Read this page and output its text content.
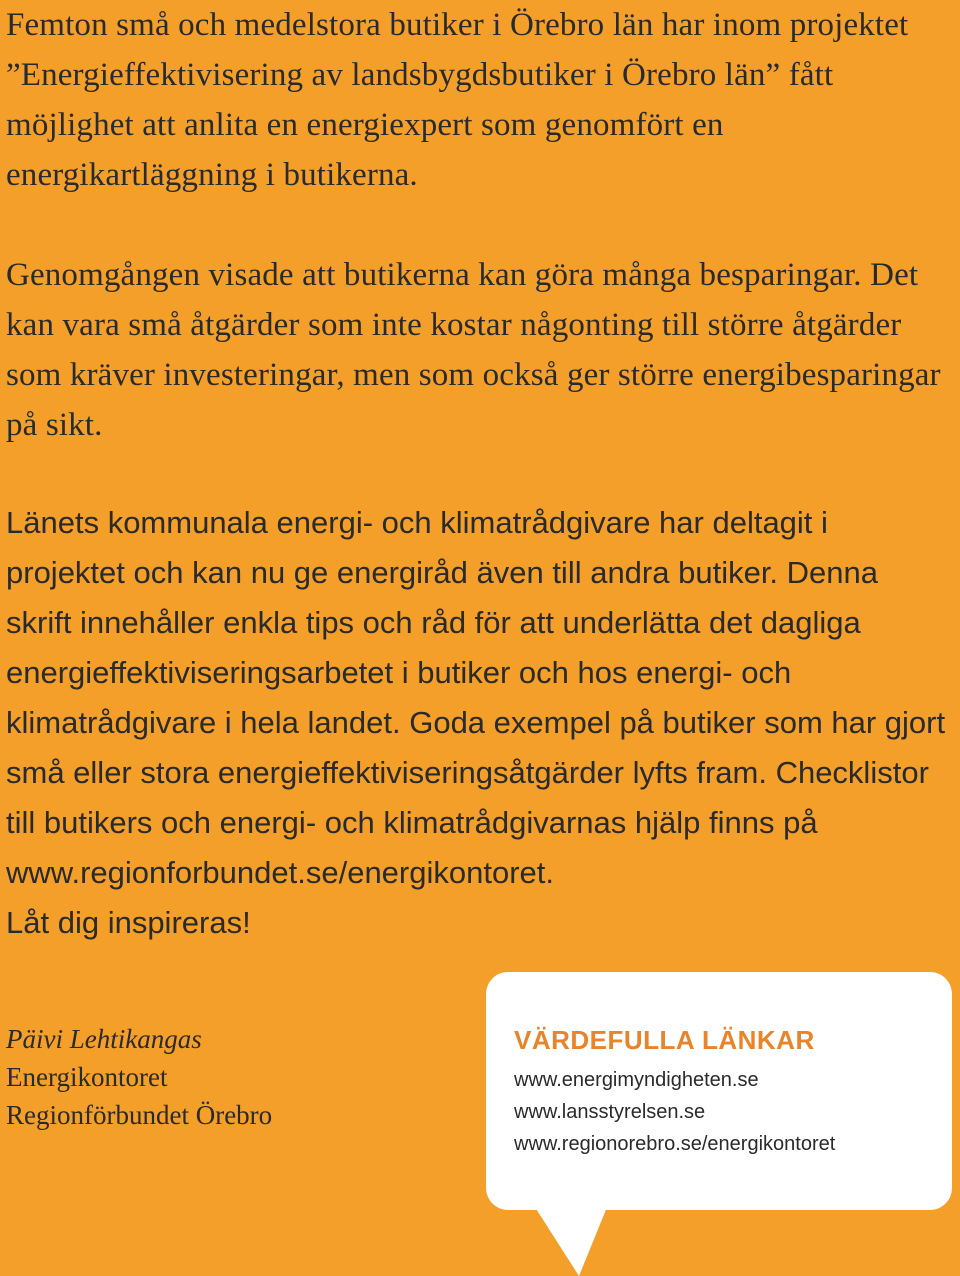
Femton små och medelstora butiker i Örebro län har inom projektet ”Energieffektivisering av landsbygdsbutiker i Örebro län” fått möjlighet att anlita en energiexpert som genomfört en energikartläggning i butikerna.

Genomgången visade att butikerna kan göra många besparingar. Det kan vara små åtgärder som inte kostar någonting till större åtgärder som kräver investeringar, men som också ger större energibesparingar på sikt.

Länets kommunala energi- och klimatrådgivare har deltagit i projektet och kan nu ge energiråd även till andra butiker. Denna skrift innehåller enkla tips och råd för att underlätta det dagliga energieffektiviseringsarbetet i butiker och hos energi- och klimatrådgivare i hela landet. Goda exempel på butiker som har gjort små eller stora energieffektiviseringsåtgärder lyfts fram. Checklistor till butikers och energi- och klimatrådgivarnas hjälp finns på www.regionforbundet.se/energikontoret.

Låt dig inspireras!

Päivi Lehtikangas
Energikontoret
Regionförbundet Örebro
VÄRDEFULLA LÄNKAR
www.energimyndigheten.se
www.lansstyrelsen.se
www.regionorebro.se/energikontoret
